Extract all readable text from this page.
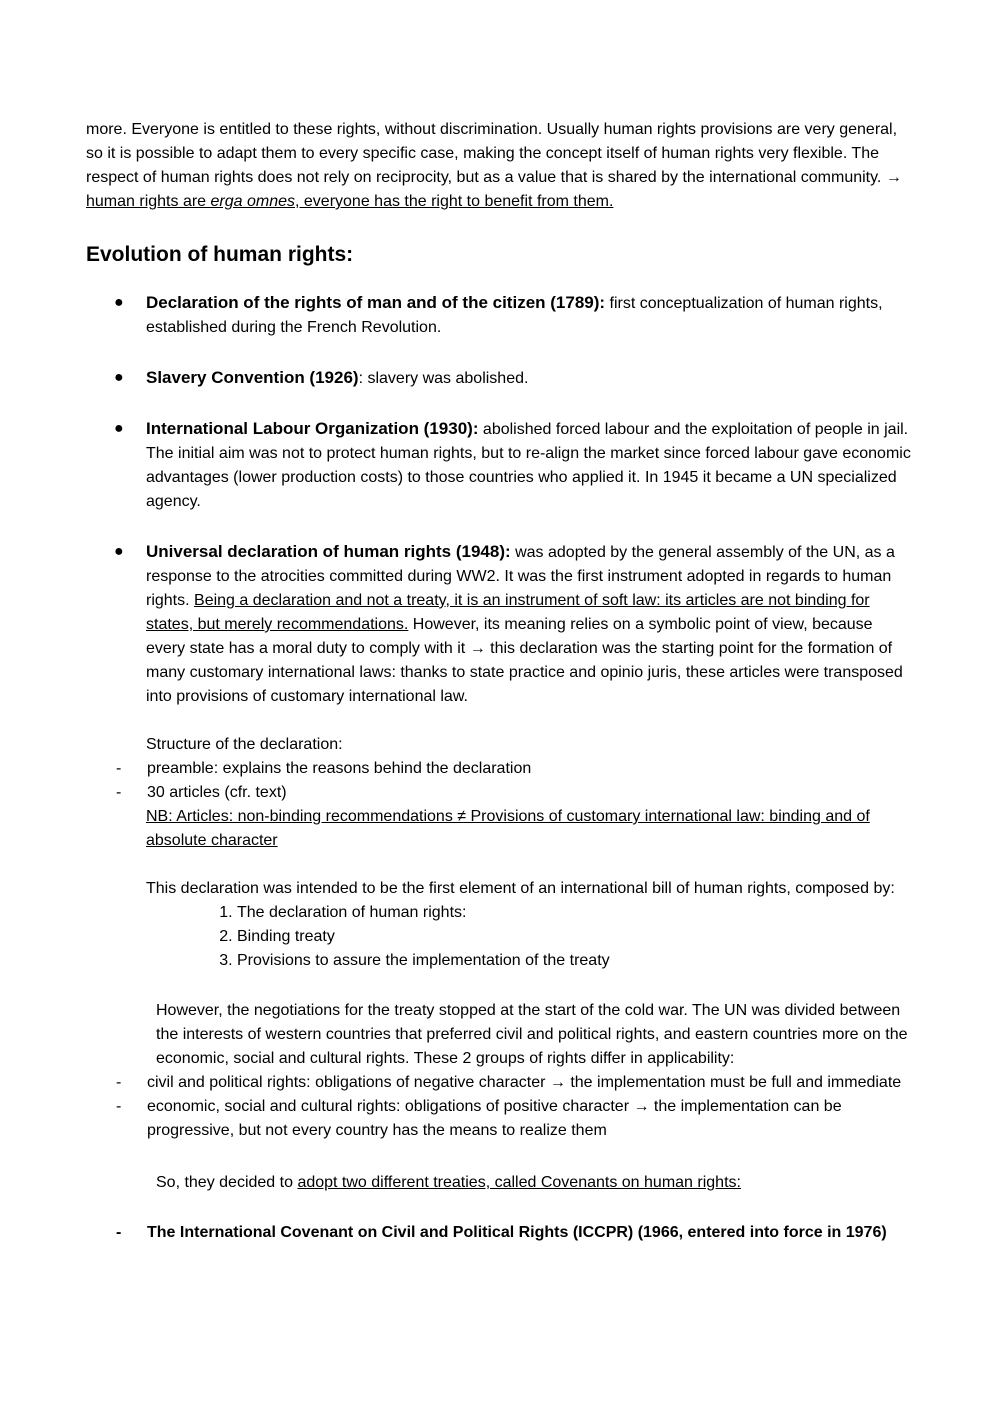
more. Everyone is entitled to these rights, without discrimination. Usually human rights provisions are very general, so it is possible to adapt them to every specific case, making the concept itself of human rights very flexible. The respect of human rights does not rely on reciprocity, but as a value that is shared by the international community. → human rights are erga omnes, everyone has the right to benefit from them.

Evolution of human rights:
● Declaration of the rights of man and of the citizen (1789): first conceptualization of human rights, established during the French Revolution.
● Slavery Convention (1926): slavery was abolished.
● International Labour Organization (1930): abolished forced labour and the exploitation of people in jail. The initial aim was not to protect human rights, but to re-align the market since forced labour gave economic advantages (lower production costs) to those countries who applied it. In 1945 it became a UN specialized agency.
● Universal declaration of human rights (1948): was adopted by the general assembly of the UN, as a response to the atrocities committed during WW2. It was the first instrument adopted in regards to human rights. Being a declaration and not a treaty, it is an instrument of soft law: its articles are not binding for states, but merely recommendations. However, its meaning relies on a symbolic point of view, because every state has a moral duty to comply with it → this declaration was the starting point for the formation of many customary international laws: thanks to state practice and opinio juris, these articles were transposed into provisions of customary international law.

Structure of the declaration:

- preamble: explains the reasons behind the declaration
- 30 articles (cfr. text)

NB: Articles: non-binding recommendations ≠ Provisions of customary international law: binding and of absolute character

This declaration was intended to be the first element of an international bill of human rights, composed by:

1. The declaration of human rights:
2. Binding treaty
3. Provisions to assure the implementation of the treaty

However, the negotiations for the treaty stopped at the start of the cold war. The UN was divided between the interests of western countries that preferred civil and political rights, and eastern countries more on the economic, social and cultural rights. These 2 groups of rights differ in applicability:

- civil and political rights: obligations of negative character → the implementation must be full and immediate
- economic, social and cultural rights: obligations of positive character → the implementation can be progressive, but not every country has the means to realize them

So, they decided to adopt two different treaties, called Covenants on human rights:

- The International Covenant on Civil and Political Rights (ICCPR) (1966, entered into force in 1976)
